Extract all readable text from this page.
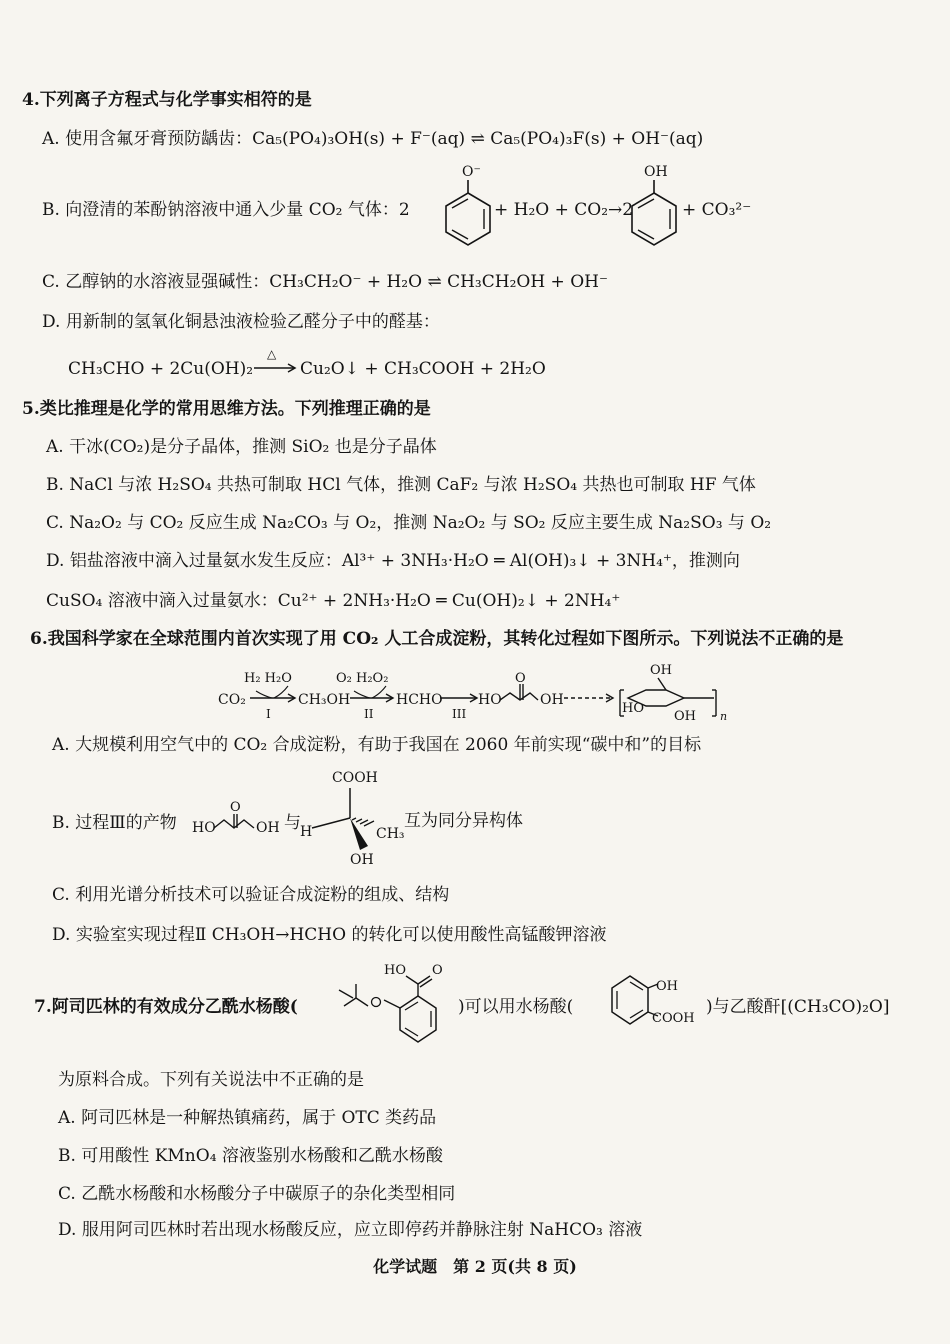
4.下列离子方程式与化学事实相符的是
A. 使用含氟牙膏预防龋齿：Ca₅(PO₄)₃OH(s) + F⁻(aq) ⇌ Ca₅(PO₄)₃F(s) + OH⁻(aq)
B. 向澄清的苯酚钠溶液中通入少量 CO₂ 气体：2
O⁻
+ H₂O + CO₂→2
OH
+ CO₃²⁻
C. 乙醇钠的水溶液显强碱性：CH₃CH₂O⁻ + H₂O ⇌ CH₃CH₂OH + OH⁻
D. 用新制的氢氧化铜悬浊液检验乙醛分子中的醛基：
CH₃CHO + 2Cu(OH)₂
△
Cu₂O↓ + CH₃COOH + 2H₂O
5.类比推理是化学的常用思维方法。下列推理正确的是
A. 干冰(CO₂)是分子晶体，推测 SiO₂ 也是分子晶体
B. NaCl 与浓 H₂SO₄ 共热可制取 HCl 气体，推测 CaF₂ 与浓 H₂SO₄ 共热也可制取 HF 气体
C. Na₂O₂ 与 CO₂ 反应生成 Na₂CO₃ 与 O₂，推测 Na₂O₂ 与 SO₂ 反应主要生成 Na₂SO₃ 与 O₂
D. 铝盐溶液中滴入过量氨水发生反应：Al³⁺ + 3NH₃·H₂O ═ Al(OH)₃↓ + 3NH₄⁺，推测向
CuSO₄ 溶液中滴入过量氨水：Cu²⁺ + 2NH₃·H₂O ═ Cu(OH)₂↓ + 2NH₄⁺
6.我国科学家在全球范围内首次实现了用 CO₂ 人工合成淀粉，其转化过程如下图所示。下列说法不正确的是
CO₂
H₂ H₂O
I
CH₃OH
O₂ H₂O₂
II
HCHO
III
HO
O
OH
OH
HO
OH n
A. 大规模利用空气中的 CO₂ 合成淀粉，有助于我国在 2060 年前实现“碳中和”的目标
B. 过程Ⅲ的产物 HO
O
OH 与
COOH
H
OH
CH₃
互为同分异构体
C. 利用光谱分析技术可以验证合成淀粉的组成、结构
D. 实验室实现过程Ⅱ CH₃OH→HCHO 的转化可以使用酸性高锰酸钾溶液
7.阿司匹林的有效成分乙酰水杨酸(
HO O
)可以用水杨酸(
OH
COOH
)与乙酸酐[(CH₃CO)₂O]
为原料合成。下列有关说法中不正确的是
A. 阿司匹林是一种解热镇痛药，属于 OTC 类药品
B. 可用酸性 KMnO₄ 溶液鉴别水杨酸和乙酰水杨酸
C. 乙酰水杨酸和水杨酸分子中碳原子的杂化类型相同
D. 服用阿司匹林时若出现水杨酸反应，应立即停药并静脉注射 NaHCO₃ 溶液
化学试题　第 2 页(共 8 页)
